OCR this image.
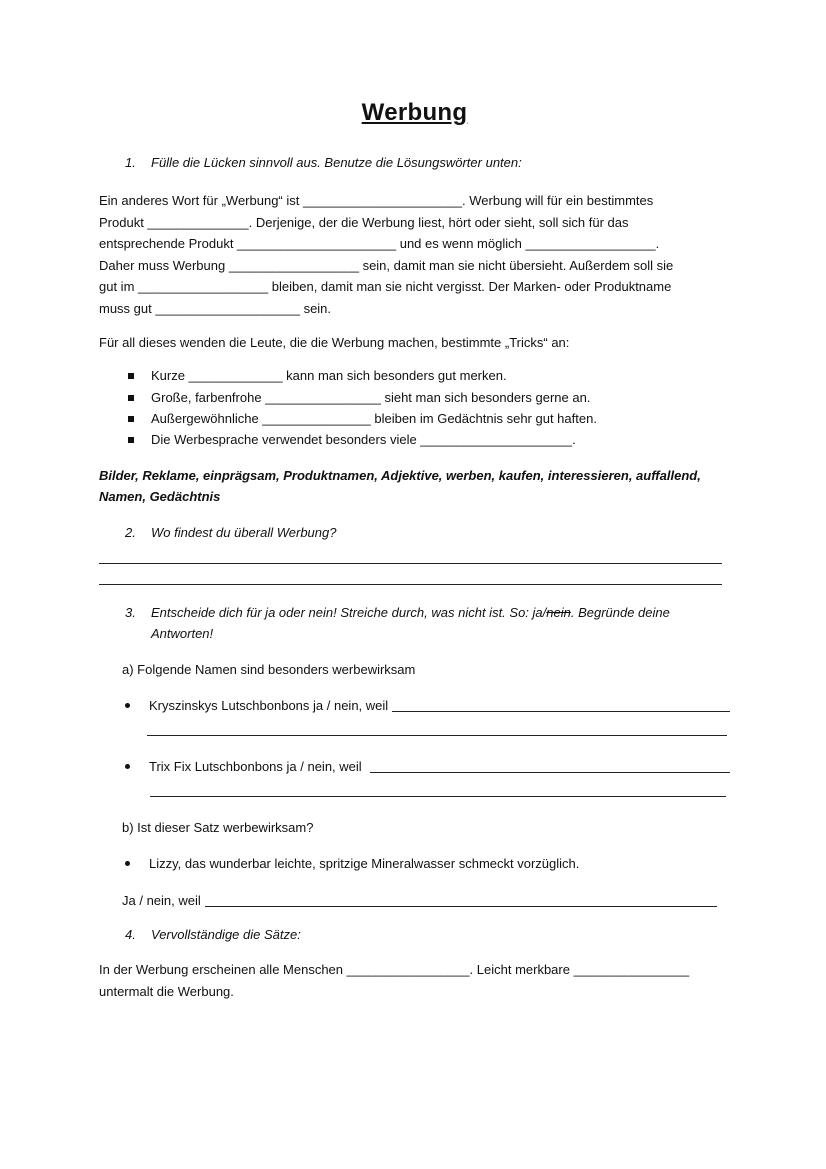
Werbung
1.	Fülle die Lücken sinnvoll aus. Benutze die Lösungswörter unten:
Ein anderes Wort für „Werbung“ ist ______________________. Werbung will für ein bestimmtes
Produkt ______________. Derjenige, der die Werbung liest, hört oder sieht, soll sich für das
entsprechende Produkt ______________________ und es wenn möglich __________________.
Daher muss Werbung __________________ sein, damit man sie nicht übersieht. Außerdem soll sie
gut im __________________ bleiben, damit man sie nicht vergisst. Der Marken- oder Produktname
muss gut ____________________ sein.
Für all dieses wenden die Leute, die die Werbung machen, bestimmte „Tricks“ an:
Kurze _____________ kann man sich besonders gut merken.
Große, farbenfrohe ________________ sieht man sich besonders gerne an.
Außergewöhnliche _______________ bleiben im Gedächtnis sehr gut haften.
Die Werbesprache verwendet besonders viele _____________________.
Bilder, Reklame, einprägsam, Produktnamen, Adjektive, werben, kaufen, interessieren, auffallend, Namen, Gedächtnis
2.	Wo findest du überall Werbung?
3.	Entscheide dich für ja oder nein! Streiche durch, was nicht ist. So: ja/nein. Begründe deine
Antworten!
a) Folgende Namen sind besonders werbewirksam
Kryszinskys Lutschbonbons ja / nein, weil
Trix Fix Lutschbonbons ja / nein, weil
b) Ist dieser Satz werbewirksam?
Lizzy, das wunderbar leichte, spritzige Mineralwasser schmeckt vorzüglich.
Ja / nein, weil
4.	Vervollständige die Sätze:
In der Werbung erscheinen alle Menschen _________________. Leicht merkbare ________________
untermalt die Werbung.
